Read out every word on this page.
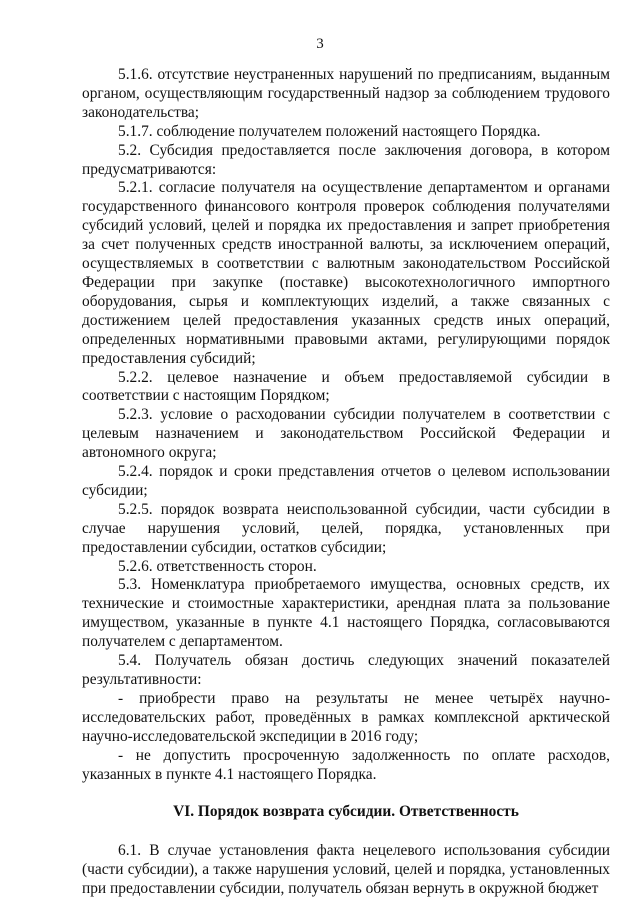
3

5.1.6. отсутствие неустраненных нарушений по предписаниям, выданным органом, осуществляющим государственный надзор за соблюдением трудового законодательства;

5.1.7. соблюдение получателем положений настоящего Порядка.

5.2. Субсидия предоставляется после заключения договора, в котором предусматриваются:

5.2.1. согласие получателя на осуществление департаментом и органами государственного финансового контроля проверок соблюдения получателями субсидий условий, целей и порядка их предоставления и запрет приобретения за счет полученных средств иностранной валюты, за исключением операций, осуществляемых в соответствии с валютным законодательством Российской Федерации при закупке (поставке) высокотехнологичного импортного оборудования, сырья и комплектующих изделий, а также связанных с достижением целей предоставления указанных средств иных операций, определенных нормативными правовыми актами, регулирующими порядок предоставления субсидий;

5.2.2. целевое назначение и объем предоставляемой субсидии в соответствии с настоящим Порядком;

5.2.3. условие о расходовании субсидии получателем в соответствии с целевым назначением и законодательством Российской Федерации и автономного округа;

5.2.4. порядок и сроки представления отчетов о целевом использовании субсидии;

5.2.5. порядок возврата неиспользованной субсидии, части субсидии в случае нарушения условий, целей, порядка, установленных при предоставлении субсидии, остатков субсидии;

5.2.6. ответственность сторон.

5.3. Номенклатура приобретаемого имущества, основных средств, их технические и стоимостные характеристики, арендная плата за пользование имуществом, указанные в пункте 4.1 настоящего Порядка, согласовываются получателем с департаментом.

5.4. Получатель обязан достичь следующих значений показателей результативности:

- приобрести право на результаты не менее четырёх научно-исследовательских работ, проведённых в рамках комплексной арктической научно-исследовательской экспедиции в 2016 году;

- не допустить просроченную задолженность по оплате расходов, указанных в пункте 4.1 настоящего Порядка.

VI. Порядок возврата субсидии. Ответственность

6.1. В случае установления факта нецелевого использования субсидии (части субсидии), а также нарушения условий, целей и порядка, установленных при предоставлении субсидии, получатель обязан вернуть в окружной бюджет
